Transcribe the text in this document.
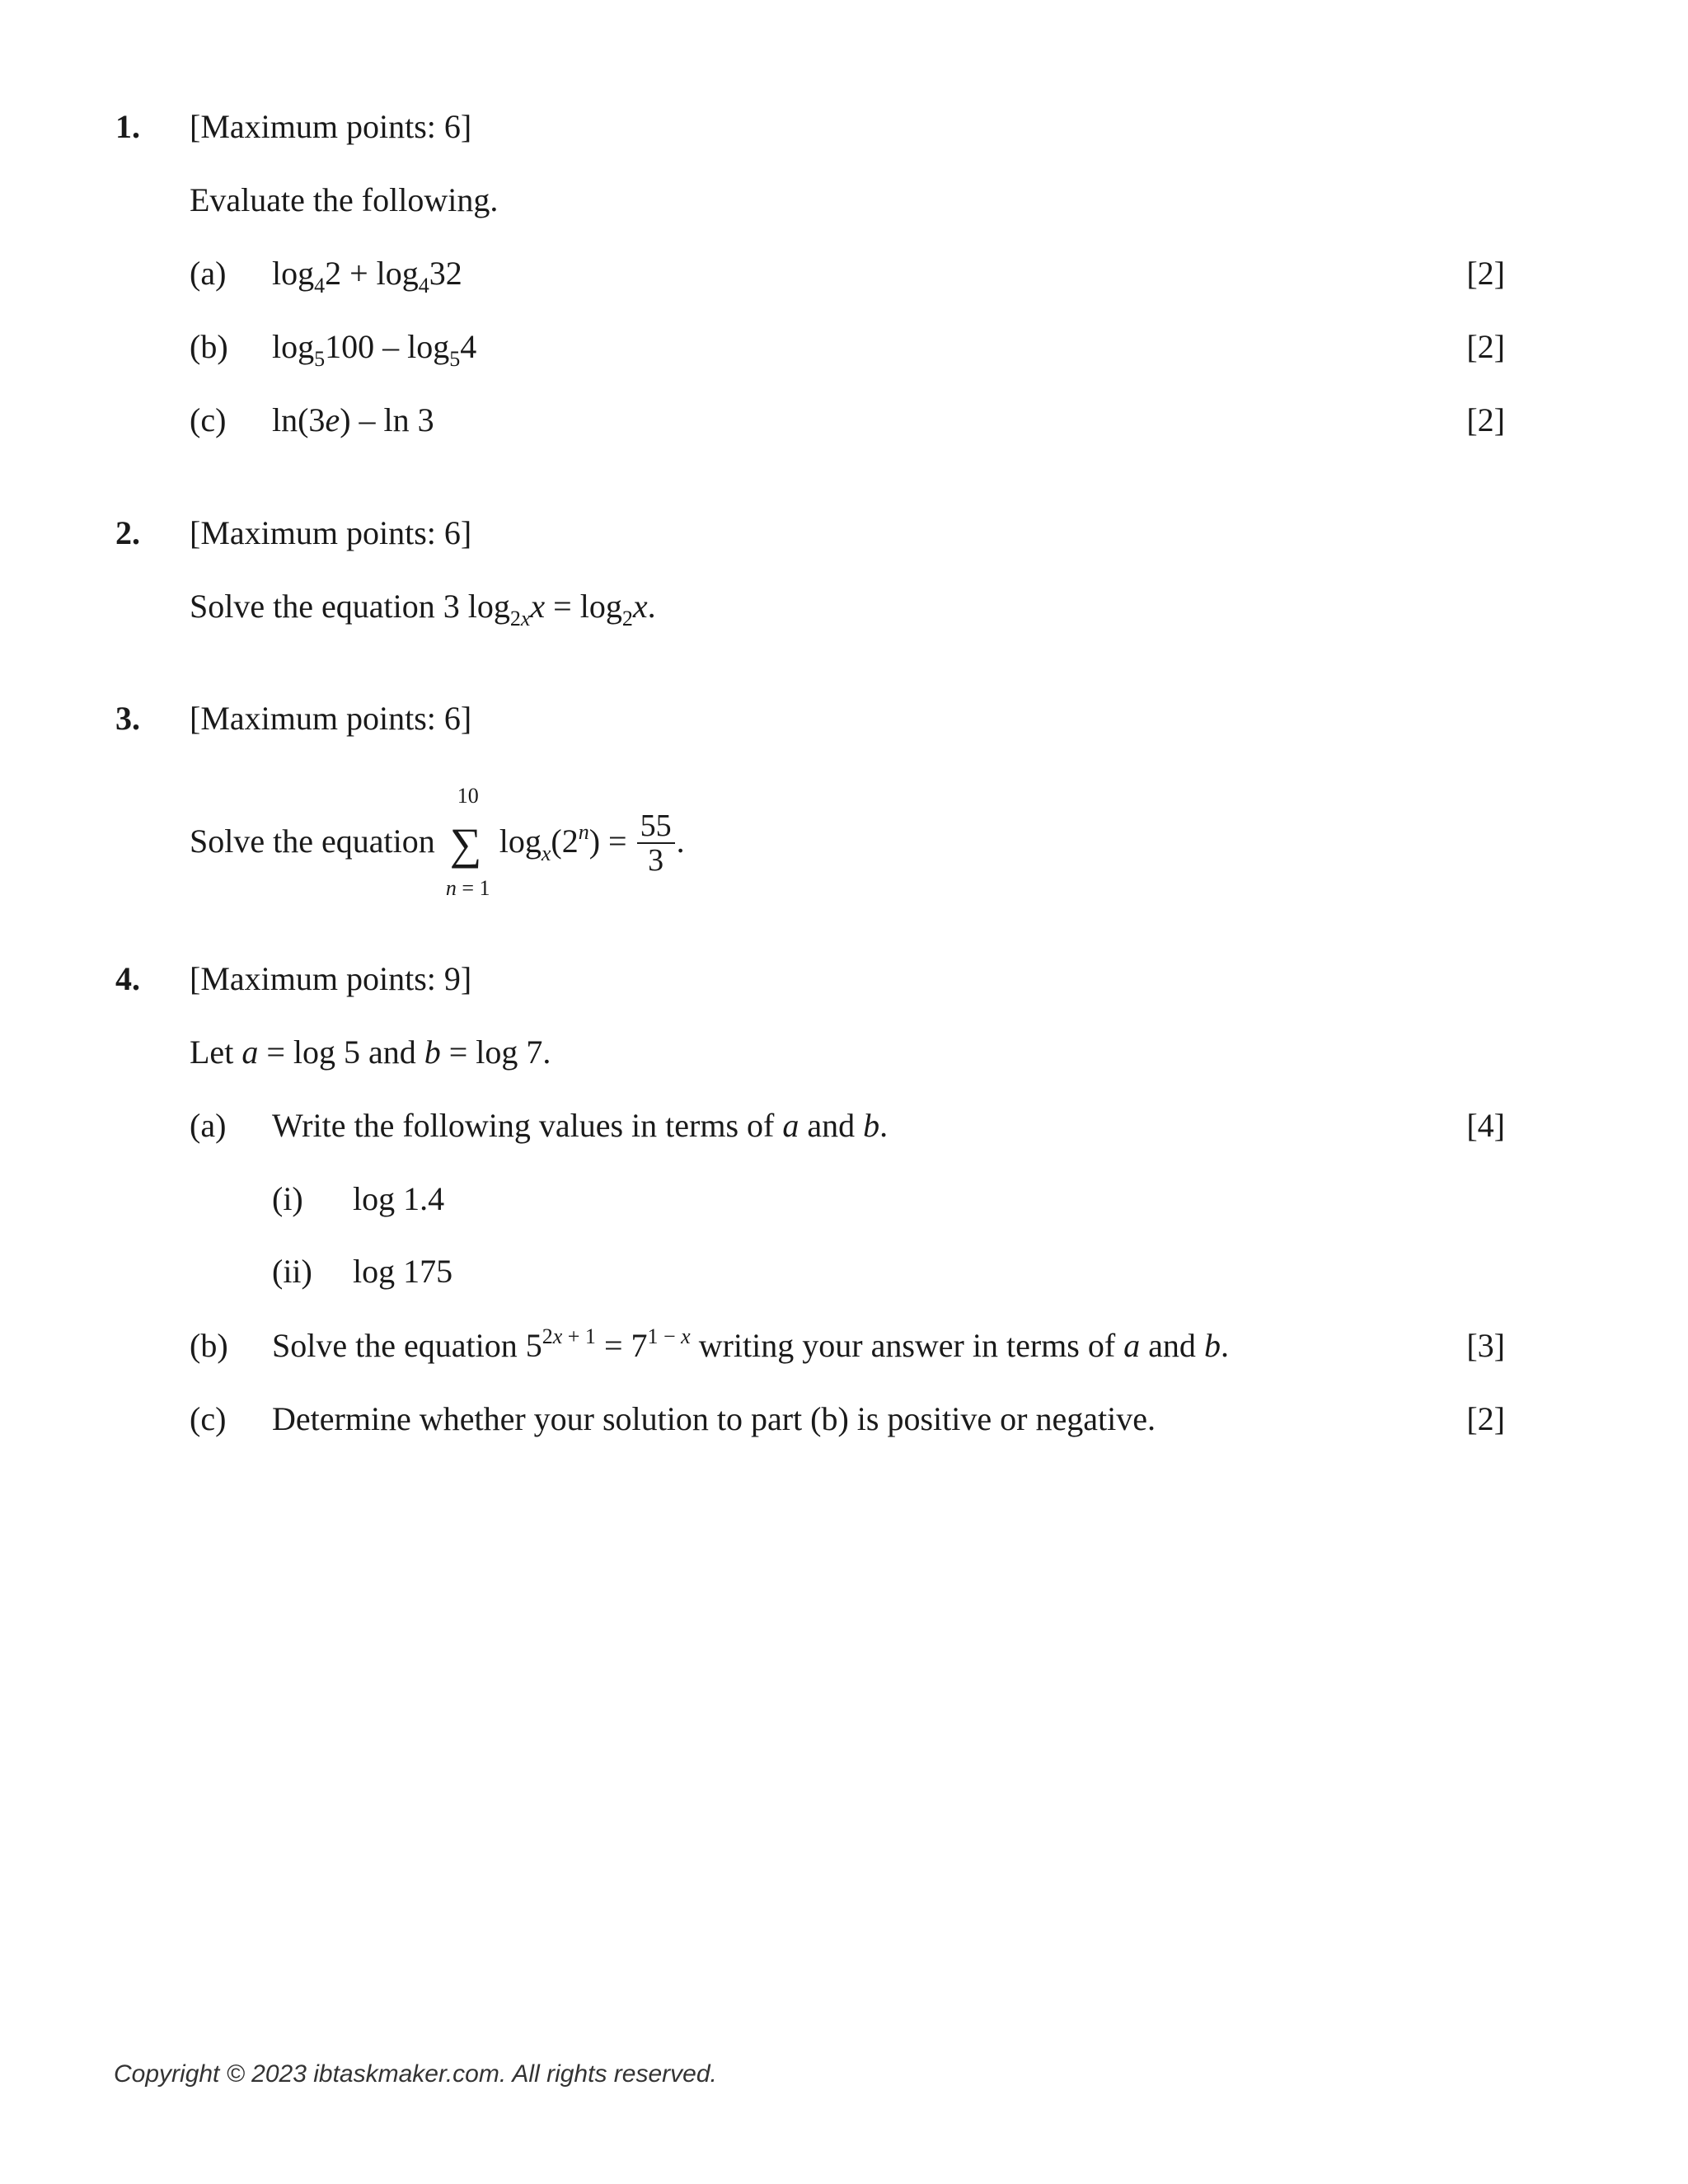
1. [Maximum points: 6]
Evaluate the following.
(a) $\log_42 + \log_432$	[2]
(b) $\log_5100 - \log_54$	[2]
(c) ln(3e) – ln 3	[2]
2. [Maximum points: 6]
Solve the equation 3 $\log_{2x}x = \log_2x$.
3. [Maximum points: 6]
Solve the equation
10
∑
n = 1
$\log_x(2^n) = \frac{55}{3}$ .
4. [Maximum points: 9]
Let a = log 5 and b = log 7.
(a) Write the following values in terms of a and b.	[4]
(i) log 1.4
(ii) log 175
(b) Solve the equation $5^{2x + 1} = 7^{1 - x}$ writing your answer in terms of a and b.	[3]
(c) Determine whether your solution to part (b) is positive or negative.	[2]
Copyright © 2023 ibtaskmaker.com. All rights reserved.
